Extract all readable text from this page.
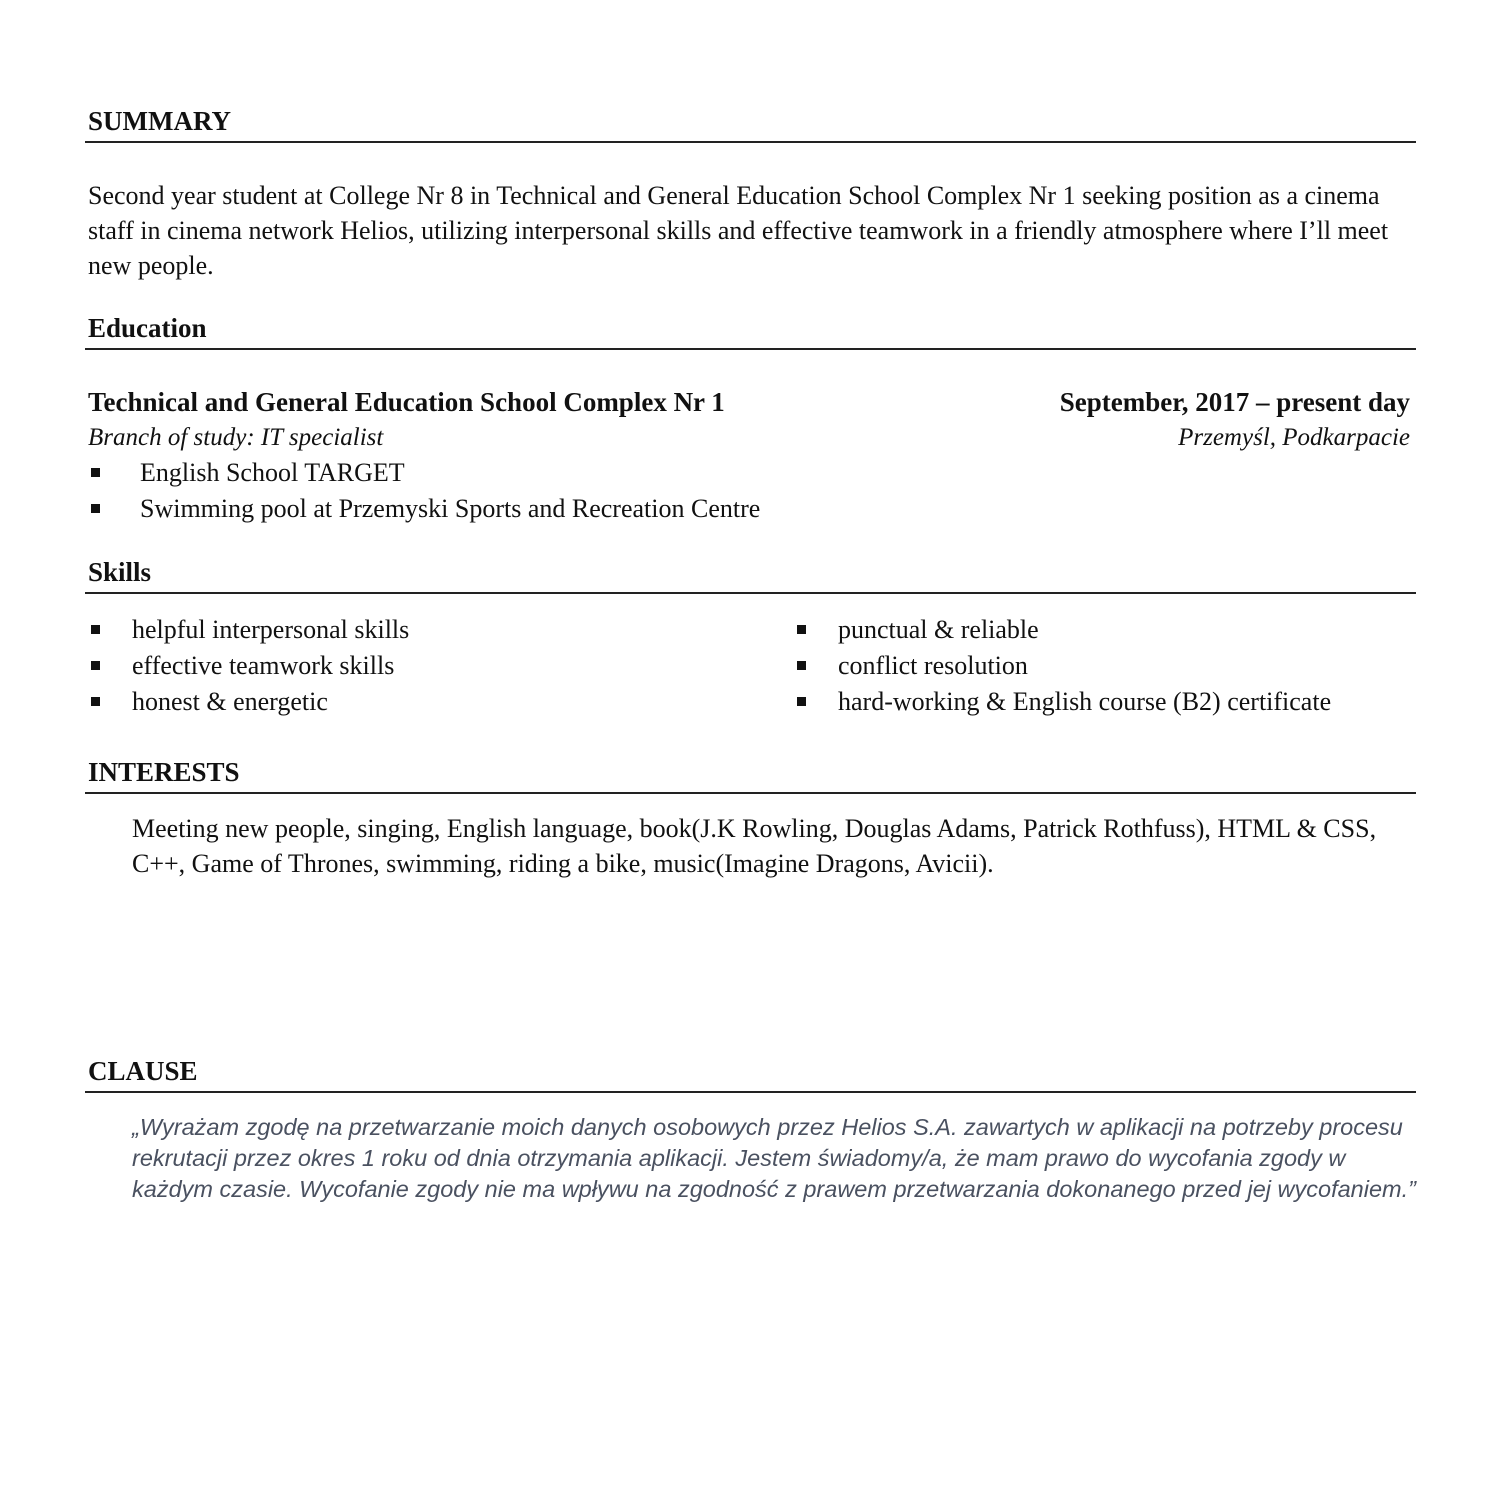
SUMMARY

Second year student at College Nr 8 in Technical and General Education School Complex Nr 1 seeking position as a cinema staff in cinema network Helios, utilizing interpersonal skills and effective teamwork in a friendly atmosphere where I’ll meet new people.

Education

Technical and General Education School Complex Nr 1	September, 2017 – present day

Branch of study: IT specialist	Przemyśl, Podkarpacie

English School TARGET
Swimming pool at Przemyski Sports and Recreation Centre
Skills
helpful interpersonal skills
effective teamwork skills
honest & energetic
punctual & reliable
conflict resolution
hard-working & English course (B2) certificate
INTERESTS

Meeting new people, singing, English language, book(J.K Rowling, Douglas Adams, Patrick Rothfuss), HTML & CSS, C++, Game of Thrones, swimming, riding a bike, music(Imagine Dragons, Avicii).

CLAUSE

„Wyrażam zgodę na przetwarzanie moich danych osobowych przez Helios S.A. zawartych w aplikacji na potrzeby procesu rekrutacji przez okres 1 roku od dnia otrzymania aplikacji. Jestem świadomy/a, że mam prawo do wycofania zgody w każdym czasie. Wycofanie zgody nie ma wpływu na zgodność z prawem przetwarzania dokonanego przed jej wycofaniem.”
